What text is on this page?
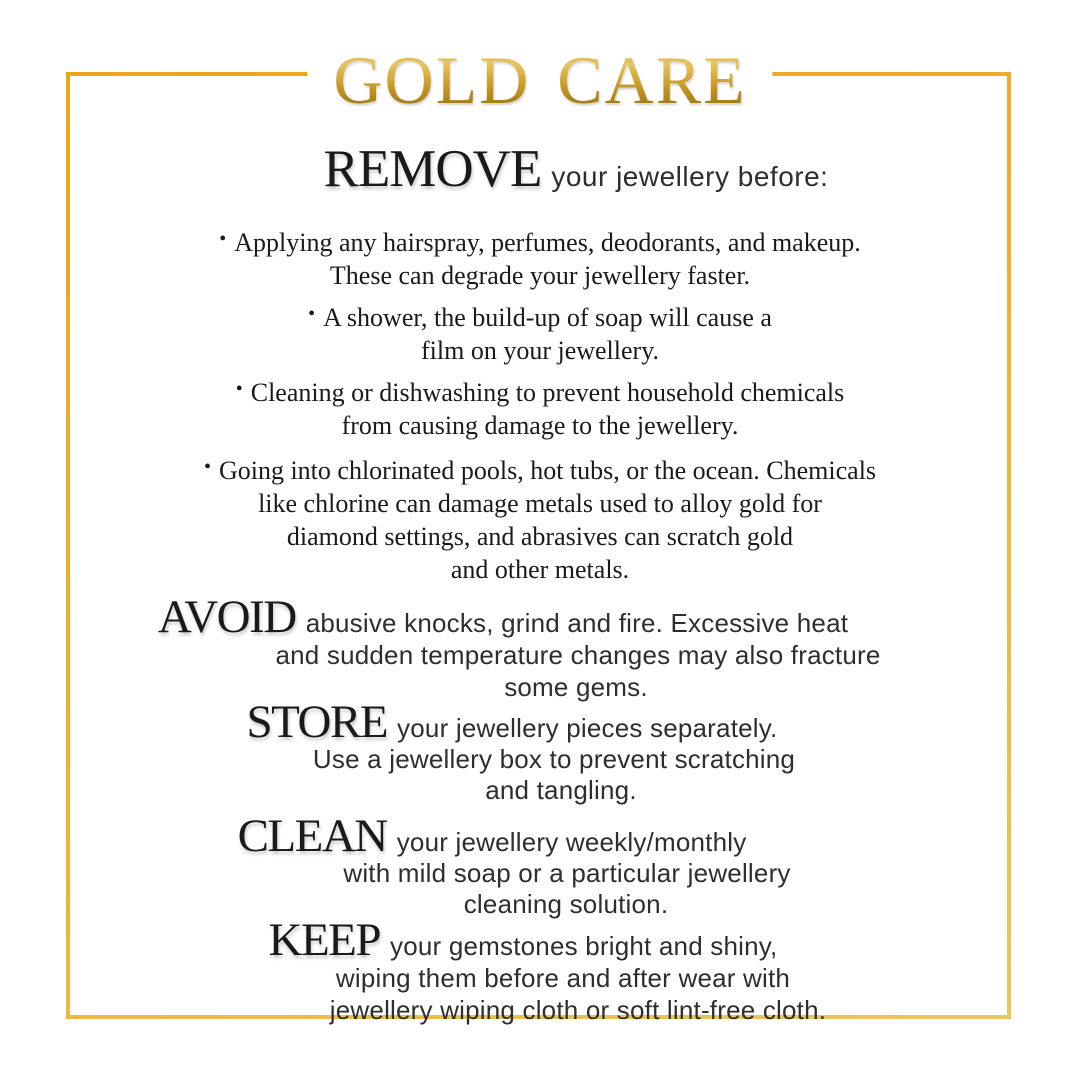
GOLD CARE
REMOVE your jewellery before:
• Applying any hairspray, perfumes, deodorants, and makeup.
These can degrade your jewellery faster.
• A shower, the build-up of soap will cause a
film on your jewellery.
• Cleaning or dishwashing to prevent household chemicals
from causing damage to the jewellery.
• Going into chlorinated pools, hot tubs, or the ocean. Chemicals
like chlorine can damage metals used to alloy gold for
diamond settings, and abrasives can scratch gold
and other metals.
AVOID abusive knocks, grind and fire. Excessive heat
and sudden temperature changes may also fracture
some gems.
STORE your jewellery pieces separately.
Use a jewellery box to prevent scratching
and tangling.
CLEAN your jewellery weekly/monthly
with mild soap or a particular jewellery
cleaning solution.
KEEP your gemstones bright and shiny,
wiping them before and after wear with
jewellery wiping cloth or soft lint-free cloth.
